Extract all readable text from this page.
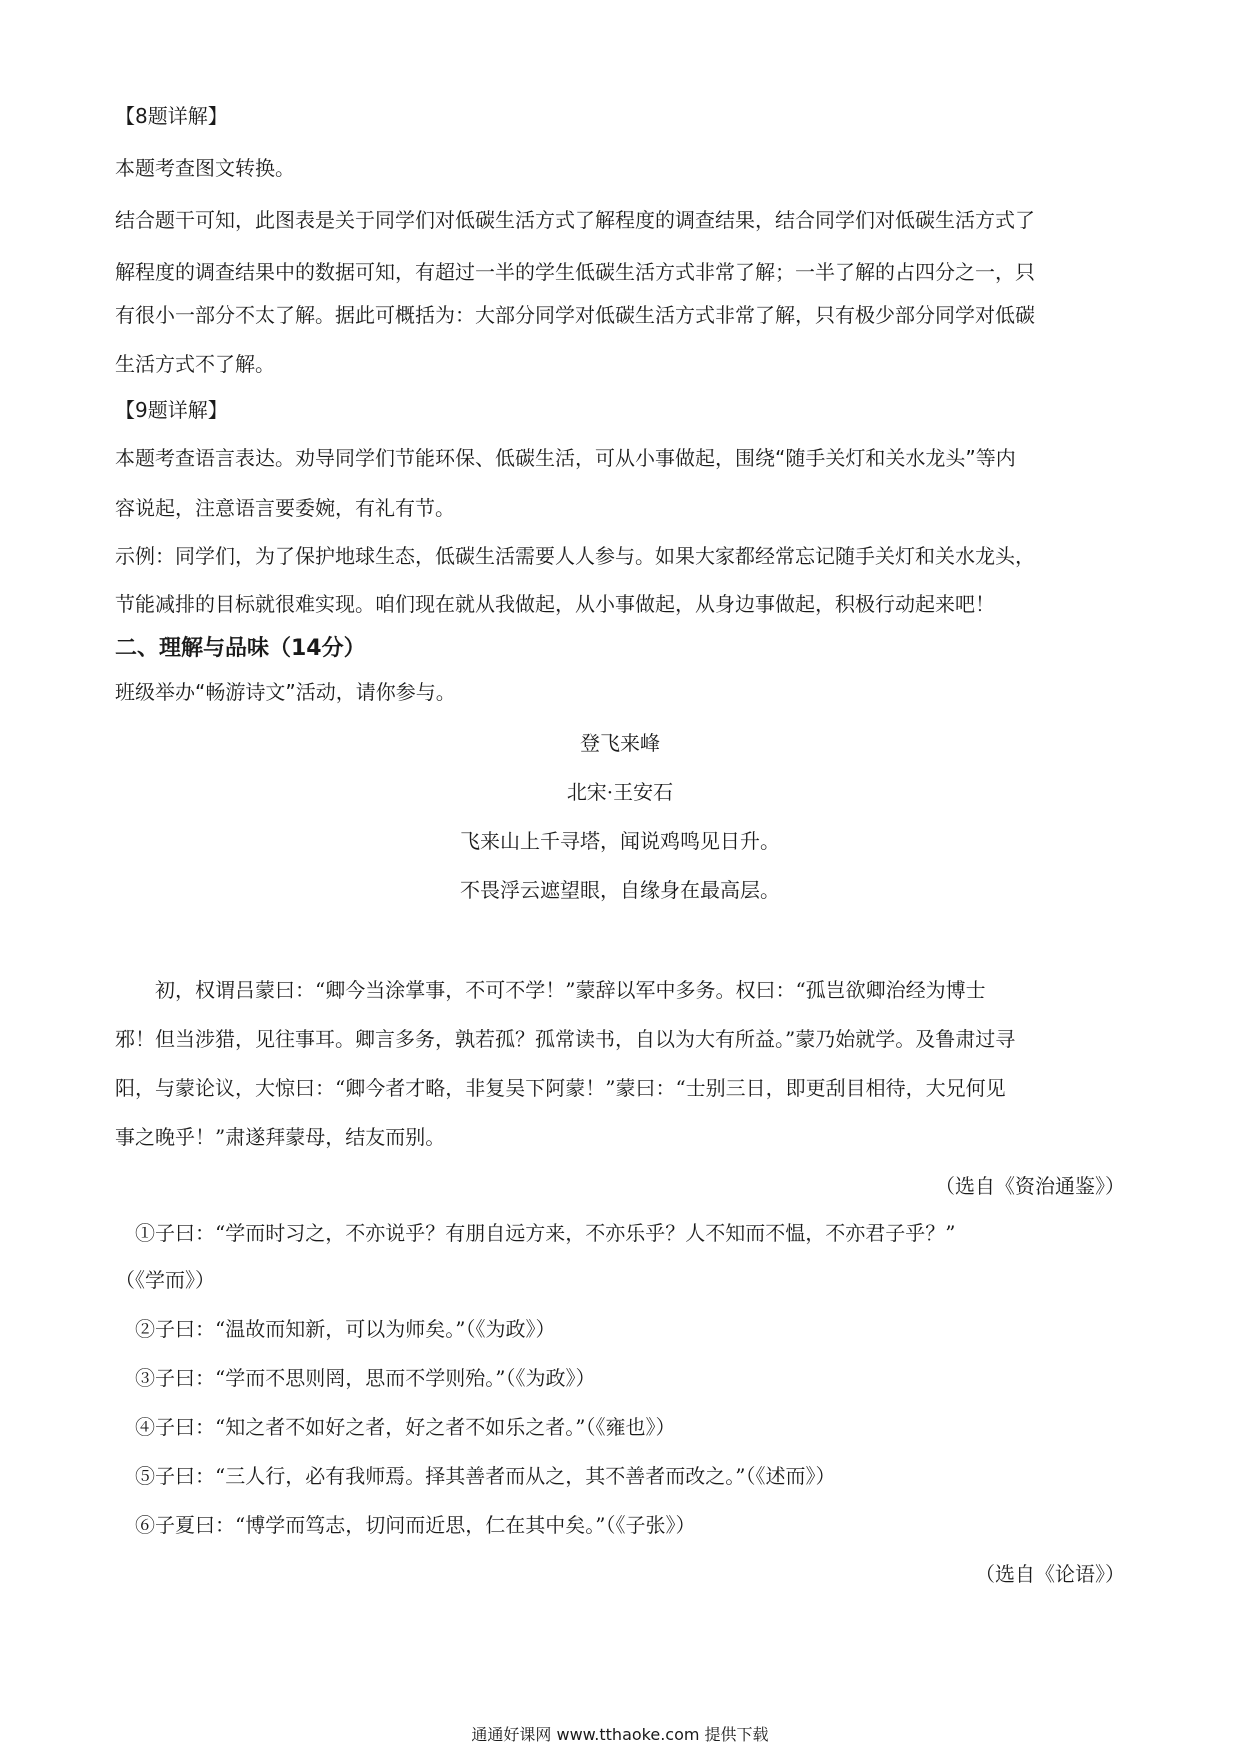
【8题详解】
本题考查图文转换。
结合题干可知，此图表是关于同学们对低碳生活方式了解程度的调查结果，结合同学们对低碳生活方式了
解程度的调查结果中的数据可知，有超过一半的学生低碳生活方式非常了解；一半了解的占四分之一，只
有很小一部分不太了解。据此可概括为：大部分同学对低碳生活方式非常了解，只有极少部分同学对低碳
生活方式不了解。
【9题详解】
本题考查语言表达。劝导同学们节能环保、低碳生活，可从小事做起，围绕“随手关灯和关水龙头”等内
容说起，注意语言要委婉，有礼有节。
示例：同学们，为了保护地球生态，低碳生活需要人人参与。如果大家都经常忘记随手关灯和关水龙头，
节能减排的目标就很难实现。咱们现在就从我做起，从小事做起，从身边事做起，积极行动起来吧！
二、理解与品味（14分）
班级举办“畅游诗文”活动，请你参与。
登飞来峰
北宋·王安石
飞来山上千寻塔，闻说鸡鸣见日升。
不畏浮云遮望眼，自缘身在最高层。
　　初，权谓吕蒙曰：“卿今当涂掌事，不可不学！”蒙辞以军中多务。权曰：“孤岂欲卿治经为博士
邪！但当涉猎，见往事耳。卿言多务，孰若孤？孤常读书，自以为大有所益。”蒙乃始就学。及鲁肃过寻
阳，与蒙论议，大惊曰：“卿今者才略，非复吴下阿蒙！”蒙曰：“士别三日，即更刮目相待，大兄何见
事之晚乎！”肃遂拜蒙母，结友而别。
（选自《资治通鉴》）
　①子曰：“学而时习之，不亦说乎？有朋自远方来，不亦乐乎？人不知而不愠，不亦君子乎？”
（《学而》）
　②子曰：“温故而知新，可以为师矣。”（《为政》）
　③子曰：“学而不思则罔，思而不学则殆。”（《为政》）
　④子曰：“知之者不如好之者，好之者不如乐之者。”（《雍也》）
　⑤子曰：“三人行，必有我师焉。择其善者而从之，其不善者而改之。”（《述而》）
　⑥子夏曰：“博学而笃志，切问而近思，仁在其中矣。”（《子张》）
（选自《论语》）
通通好课网 www.tthaoke.com 提供下载
